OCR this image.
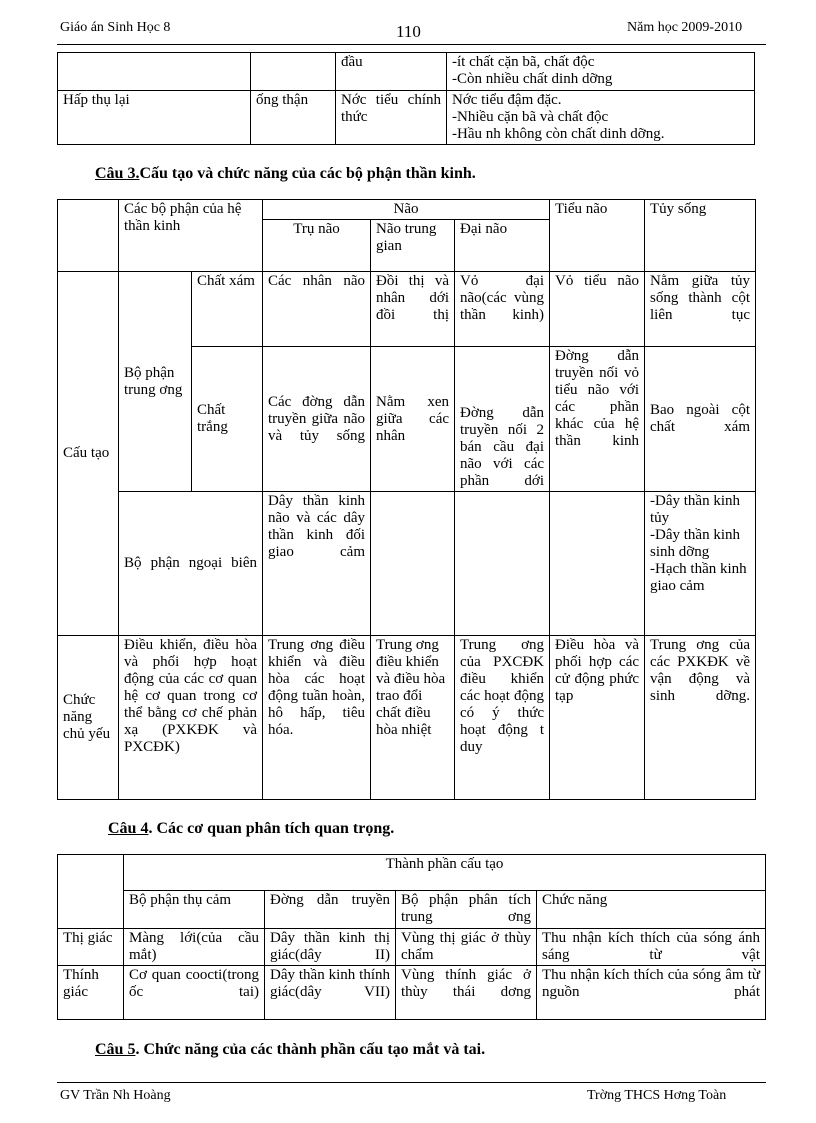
Giáo án Sinh Học 8	110	Năm học 2009-2010
		đầu	-ít chất cặn bã, chất độc
-Còn nhiều chất dinh dỡng
Hấp thụ lại	ống thận	Nớc tiểu chính thức	Nớc tiểu đậm đặc.
-Nhiều cặn bã và chất độc
-Hầu nh không còn chất dinh dỡng.
Câu 3.Cấu tạo và chức năng của các bộ phận thần kinh.
	Các bộ phận của hệ thần kinh		Não			Tiểu não	Tủy sống
			Trụ não	Não trung gian	Đại não		
Cấu tạo	Bộ phận trung ơng	Chất xám	Các nhân não	Đồi thị và nhân dới đồi thị	Vỏ đại não(các vùng thần kinh)	Vỏ tiểu não	Nằm giữa tủy sống thành cột liên tục
		Chất trắng	Các đờng dẫn truyền giữa não và tủy sống	Nằm xen giữa các nhân	Đờng dẫn truyền nối 2 bán cầu đại não với các phần dới	Đờng dẫn truyền nối vỏ tiểu não với các phần khác của hệ thần kinh	Bao ngoài cột chất xám
	Bộ phận ngoại biên		Dây thần kinh não và các dây thần kinh đối giao cảm				-Dây thần kinh tủy
-Dây thần kinh sinh dỡng
-Hạch thần kinh giao cảm
Chức năng chủ yếu	Điều khiển, điều hòa và phối hợp hoạt động của các cơ quan hệ cơ quan trong cơ thể bằng cơ chế phản xạ (PXKĐK và PXCĐK)		Trung ơng điều khiển và điều hòa các hoạt động tuần hoàn, hô hấp, tiêu hóa.	Trung ơng điều khiển và điều hòa trao đổi chất điều hòa nhiệt	Trung ơng của PXCĐK điều khiển các hoạt động có ý thức hoạt động t duy	Điều hòa và phối hợp các cử động phức tạp	Trung ơng của các PXKĐK về vận động và sinh dỡng.
Câu 4. Các cơ quan phân tích quan trọng.
	Thành phần cấu tạo			
	Bộ phận thụ cảm	Đờng dẫn truyền	Bộ phận phân tích trung ơng	Chức năng
Thị giác	Màng lới(của cầu mắt)	Dây thần kinh thị giác(dây II)	Vùng thị giác ở thùy chẩm	Thu nhận kích thích của sóng ánh sáng từ vật
Thính giác	Cơ quan coocti(trong ốc tai)	Dây thần kinh thính giác(dây VII)	Vùng thính giác ở thùy thái dơng	Thu nhận kích thích của sóng âm từ nguồn phát
Câu 5. Chức năng của các thành phần cấu tạo mắt và tai.
GV Trần Nh Hoàng	Trờng THCS Hơng Toàn
